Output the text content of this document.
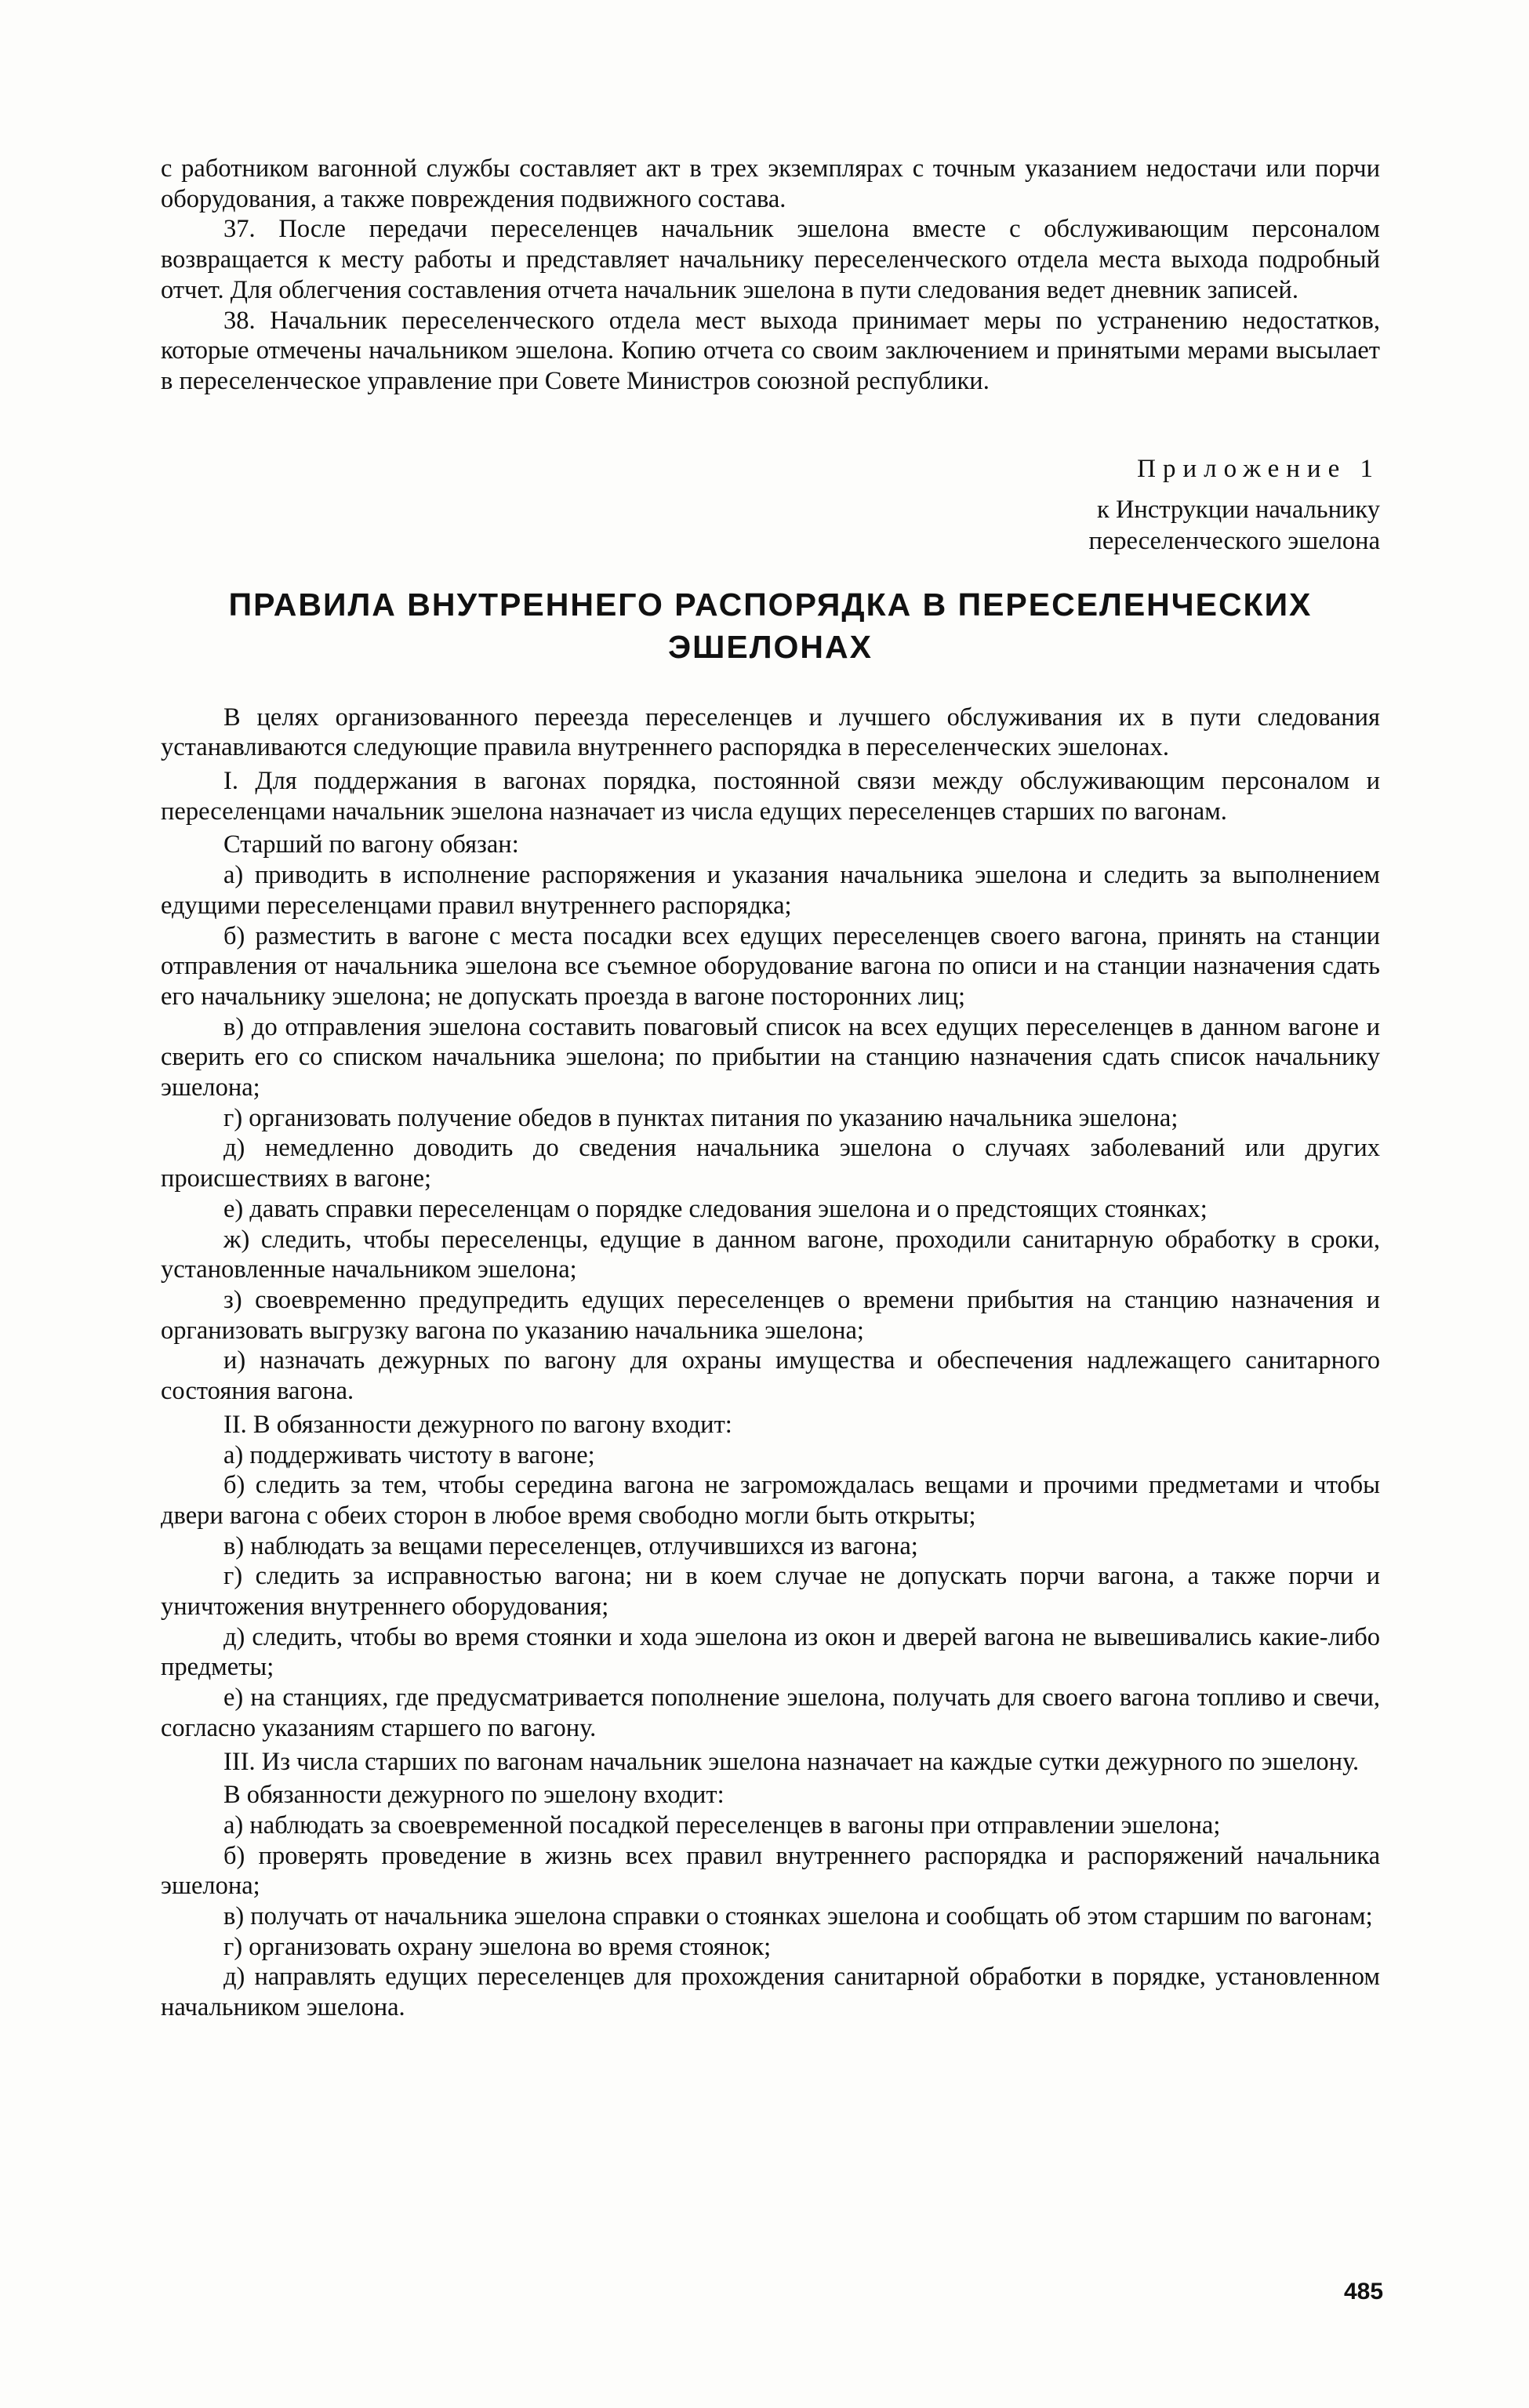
с работником вагонной службы составляет акт в трех экземплярах с точным указанием недостачи или порчи оборудования, а также повреждения подвижного состава.

37. После передачи переселенцев начальник эшелона вместе с обслуживающим персоналом возвращается к месту работы и представляет начальнику переселенческого отдела места выхода подробный отчет. Для облегчения составления отчета начальник эшелона в пути следования ведет дневник записей.

38. Начальник переселенческого отдела мест выхода принимает меры по устранению недостатков, которые отмечены начальником эшелона. Копию отчета со своим заключением и принятыми мерами высылает в переселенческое управление при Совете Министров союзной республики.

Приложение 1
к Инструкции начальнику
переселенческого эшелона
ПРАВИЛА ВНУТРЕННЕГО РАСПОРЯДКА В ПЕРЕСЕЛЕНЧЕСКИХ ЭШЕЛОНАХ

В целях организованного переезда переселенцев и лучшего обслуживания их в пути следования устанавливаются следующие правила внутреннего распорядка в переселенческих эшелонах.

I. Для поддержания в вагонах порядка, постоянной связи между обслуживающим персоналом и переселенцами начальник эшелона назначает из числа едущих переселенцев старших по вагонам.

Старший по вагону обязан:

а) приводить в исполнение распоряжения и указания начальника эшелона и следить за выполнением едущими переселенцами правил внутреннего распорядка;

б) разместить в вагоне с места посадки всех едущих переселенцев своего вагона, принять на станции отправления от начальника эшелона все съемное оборудование вагона по описи и на станции назначения сдать его начальнику эшелона; не допускать проезда в вагоне посторонних лиц;

в) до отправления эшелона составить поваговый список на всех едущих переселенцев в данном вагоне и сверить его со списком начальника эшелона; по прибытии на станцию назначения сдать список начальнику эшелона;

г) организовать получение обедов в пунктах питания по указанию начальника эшелона;

д) немедленно доводить до сведения начальника эшелона о случаях заболеваний или других происшествиях в вагоне;

е) давать справки переселенцам о порядке следования эшелона и о предстоящих стоянках;

ж) следить, чтобы переселенцы, едущие в данном вагоне, проходили санитарную обработку в сроки, установленные начальником эшелона;

з) своевременно предупредить едущих переселенцев о времени прибытия на станцию назначения и организовать выгрузку вагона по указанию начальника эшелона;

и) назначать дежурных по вагону для охраны имущества и обеспечения надлежащего санитарного состояния вагона.

II. В обязанности дежурного по вагону входит:

а) поддерживать чистоту в вагоне;

б) следить за тем, чтобы середина вагона не загромождалась вещами и прочими предметами и чтобы двери вагона с обеих сторон в любое время свободно могли быть открыты;

в) наблюдать за вещами переселенцев, отлучившихся из вагона;

г) следить за исправностью вагона; ни в коем случае не допускать порчи вагона, а также порчи и уничтожения внутреннего оборудования;

д) следить, чтобы во время стоянки и хода эшелона из окон и дверей вагона не вывешивались какие-либо предметы;

е) на станциях, где предусматривается пополнение эшелона, получать для своего вагона топливо и свечи, согласно указаниям старшего по вагону.

III. Из числа старших по вагонам начальник эшелона назначает на каждые сутки дежурного по эшелону.

В обязанности дежурного по эшелону входит:

а) наблюдать за своевременной посадкой переселенцев в вагоны при отправлении эшелона;

б) проверять проведение в жизнь всех правил внутреннего распорядка и распоряжений начальника эшелона;

в) получать от начальника эшелона справки о стоянках эшелона и сообщать об этом старшим по вагонам;

г) организовать охрану эшелона во время стоянок;

д) направлять едущих переселенцев для прохождения санитарной обработки в порядке, установленном начальником эшелона.

485
